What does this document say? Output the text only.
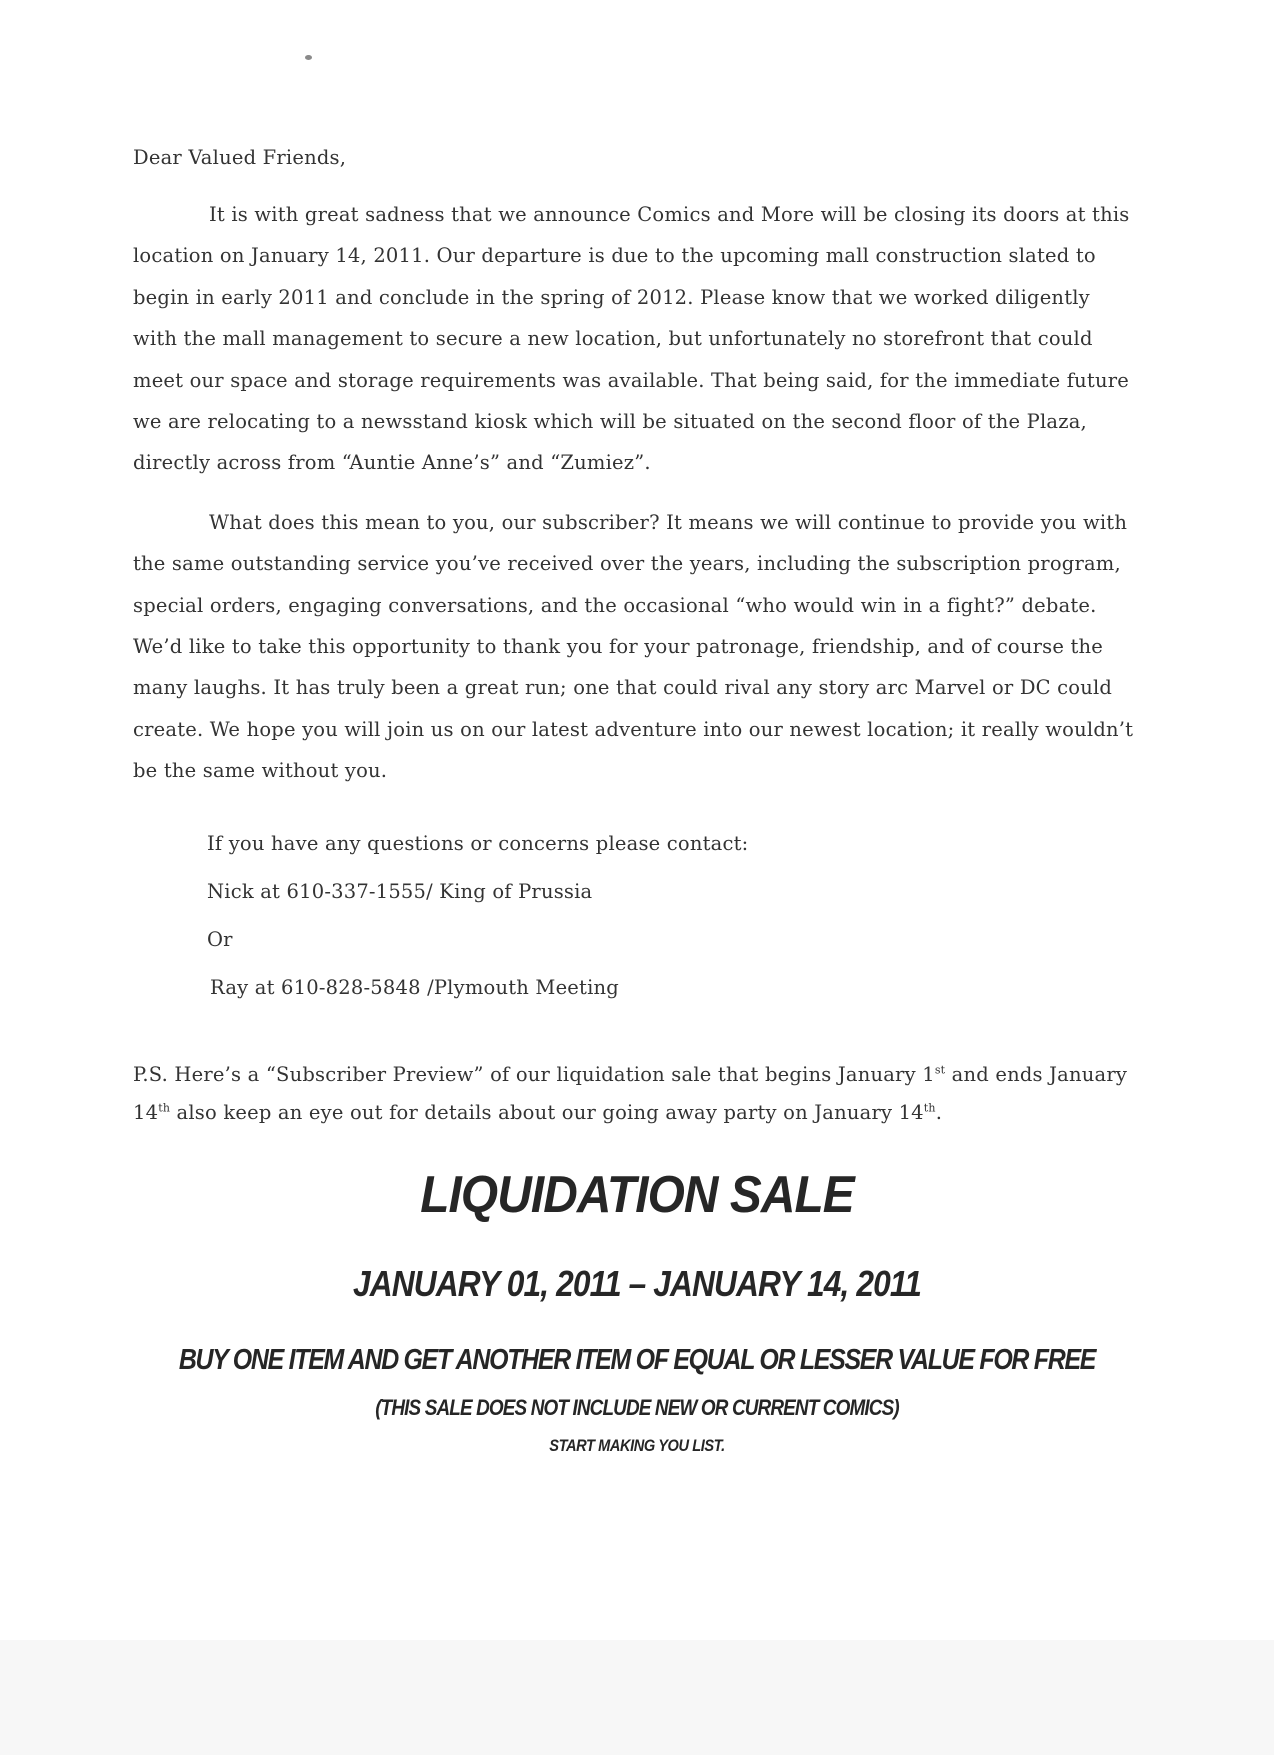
Dear Valued Friends,

It is with great sadness that we announce Comics and More will be closing its doors at this location on January 14, 2011. Our departure is due to the upcoming mall construction slated to begin in early 2011 and conclude in the spring of 2012. Please know that we worked diligently with the mall management to secure a new location, but unfortunately no storefront that could meet our space and storage requirements was available. That being said, for the immediate future we are relocating to a newsstand kiosk which will be situated on the second floor of the Plaza, directly across from “Auntie Anne’s” and “Zumiez”.

What does this mean to you, our subscriber? It means we will continue to provide you with the same outstanding service you’ve received over the years, including the subscription program, special orders, engaging conversations, and the occasional “who would win in a fight?” debate. We’d like to take this opportunity to thank you for your patronage, friendship, and of course the many laughs. It has truly been a great run; one that could rival any story arc Marvel or DC could create. We hope you will join us on our latest adventure into our newest location; it really wouldn’t be the same without you.

If you have any questions or concerns please contact:

Nick at 610-337-1555/ King of Prussia

Or

Ray at 610-828-5848 /Plymouth Meeting

P.S. Here’s a “Subscriber Preview” of our liquidation sale that begins January 1st and ends January 14th also keep an eye out for details about our going away party on January 14th.

LIQUIDATION SALE
JANUARY 01, 2011 – JANUARY 14, 2011
BUY ONE ITEM AND GET ANOTHER ITEM OF EQUAL OR LESSER VALUE FOR FREE
(THIS SALE DOES NOT INCLUDE NEW OR CURRENT COMICS)
START MAKING YOU LIST.
